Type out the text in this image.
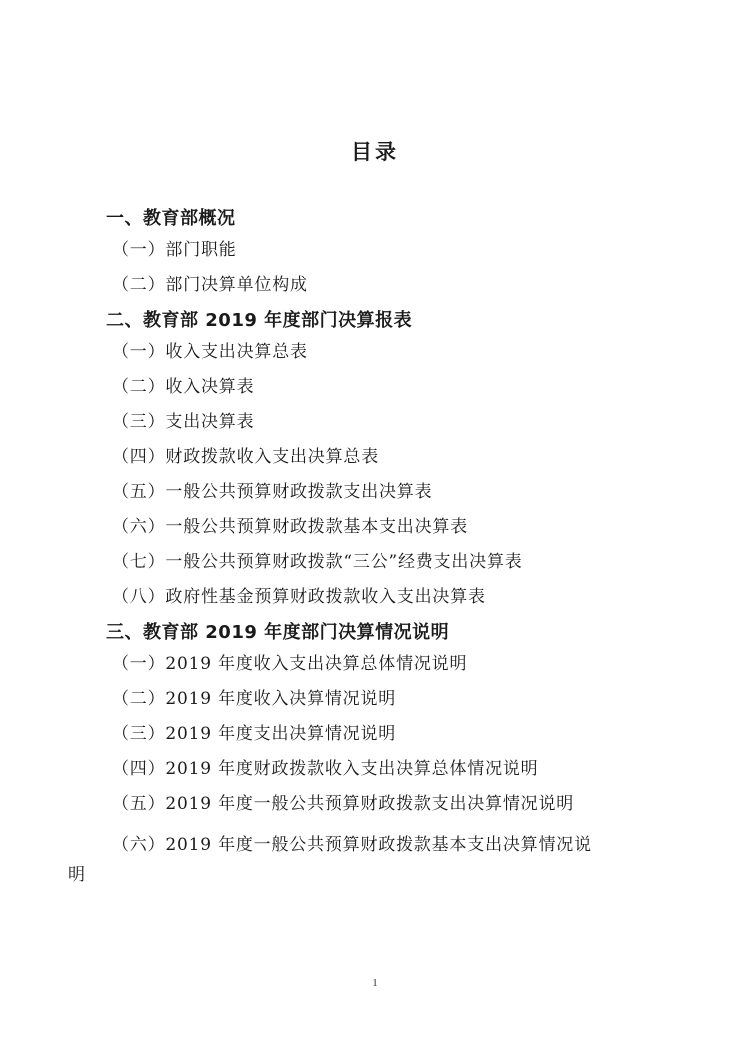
目录
一、教育部概况
（一）部门职能
（二）部门决算单位构成
二、教育部 2019 年度部门决算报表
（一）收入支出决算总表
（二）收入决算表
（三）支出决算表
（四）财政拨款收入支出决算总表
（五）一般公共预算财政拨款支出决算表
（六）一般公共预算财政拨款基本支出决算表
（七）一般公共预算财政拨款“三公”经费支出决算表
（八）政府性基金预算财政拨款收入支出决算表
三、教育部 2019 年度部门决算情况说明
（一）2019 年度收入支出决算总体情况说明
（二）2019 年度收入决算情况说明
（三）2019 年度支出决算情况说明
（四）2019 年度财政拨款收入支出决算总体情况说明
（五）2019 年度一般公共预算财政拨款支出决算情况说明
（六）2019 年度一般公共预算财政拨款基本支出决算情况说
明
1
